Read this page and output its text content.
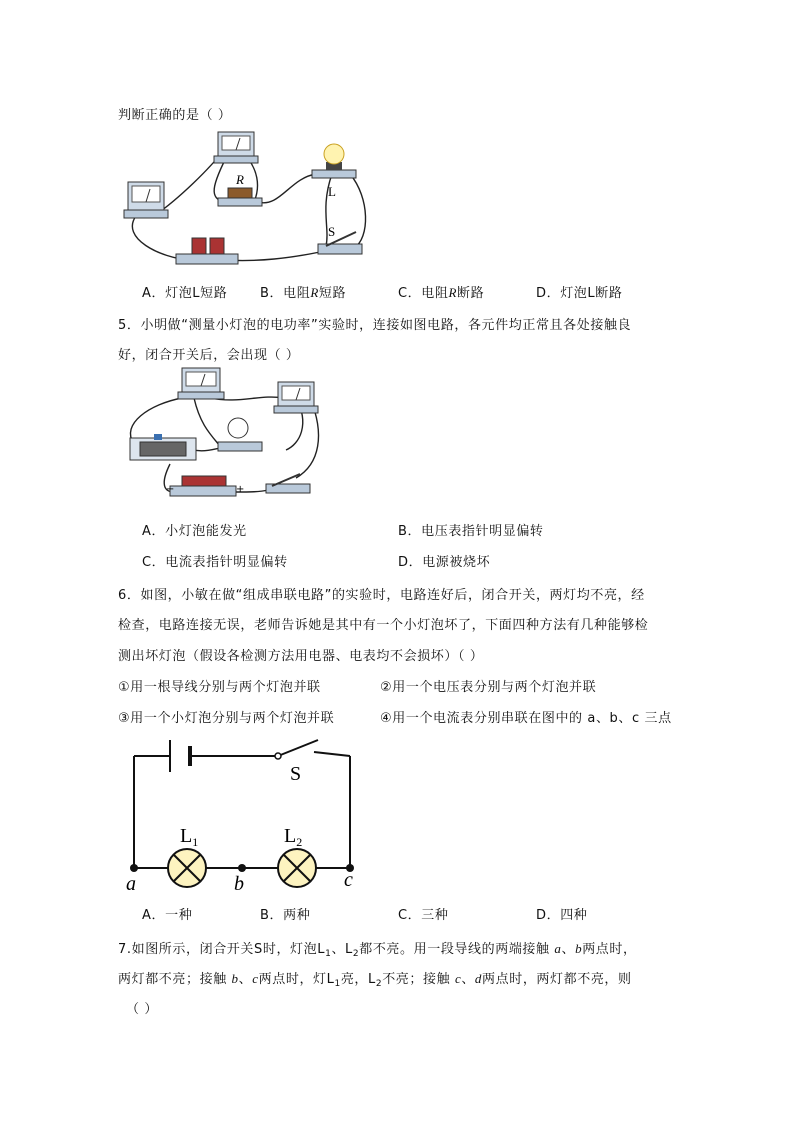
判断正确的是（ ）
R
L
S
A．灯泡L短路	B．电阻R短路	C．电阻R断路	D．灯泡L断路
5．小明做“测量小灯泡的电功率”实验时，连接如图电路，各元件均正常且各处接触良
好，闭合开关后，会出现（ ）
−	+
A．小灯泡能发光	B．电压表指针明显偏转
C．电流表指针明显偏转	D．电源被烧坏
6．如图，小敏在做“组成串联电路”的实验时，电路连好后，闭合开关，两灯均不亮，经
检查，电路连接无误，老师告诉她是其中有一个小灯泡坏了，下面四种方法有几种能够检
测出坏灯泡（假设各检测方法用电器、电表均不会损坏）（ ）
①用一根导线分别与两个灯泡并联	②用一个电压表分别与两个灯泡并联
③用一个小灯泡分别与两个灯泡并联	④用一个电流表分别串联在图中的 a、b、c 三点
S
$L_1$	$L_2$
a	b	c
A．一种	B．两种	C．三种	D．四种
7.如图所示，闭合开关S时，灯泡$L_1$、$L_2$都不亮。用一段导线的两端接触 a、b两点时，
两灯都不亮；接触 b、c两点时，灯$L_1$亮，$L_2$不亮；接触 c、d两点时，两灯都不亮，则
（ ）
